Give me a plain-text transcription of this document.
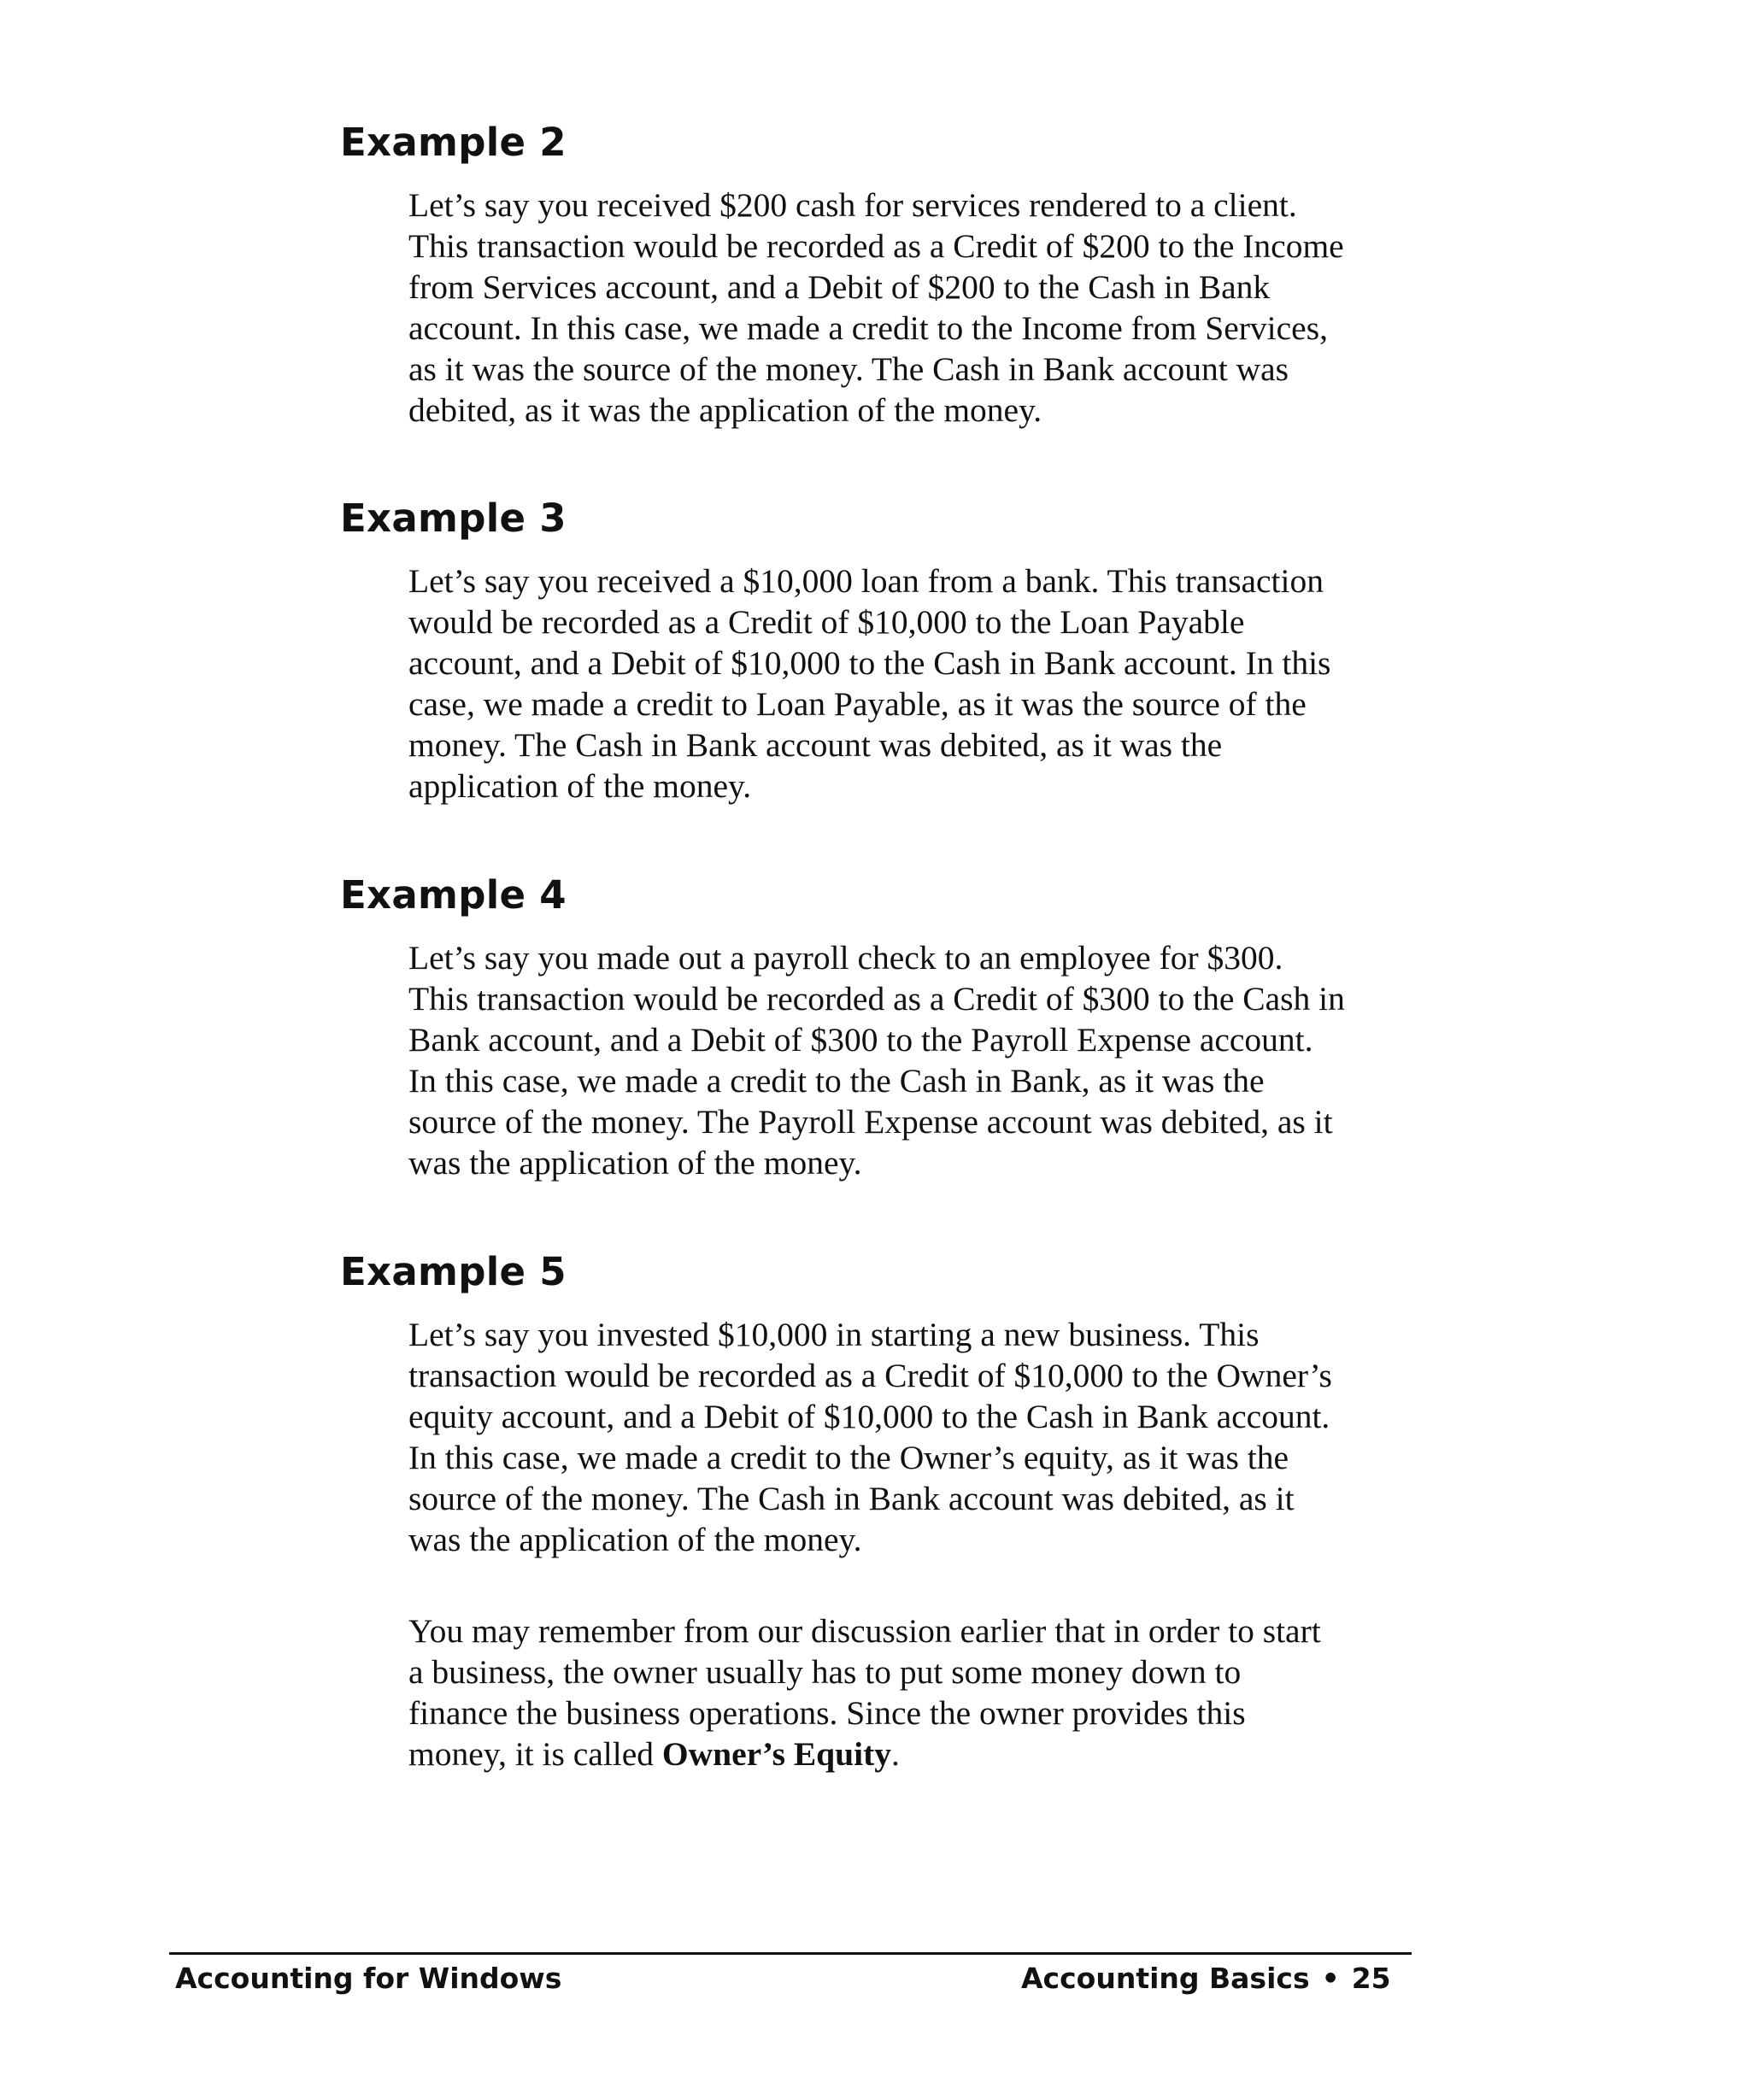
Example 2

Let’s say you received $200 cash for services rendered to a client.
This transaction would be recorded as a Credit of $200 to the Income
from Services account, and a Debit of $200 to the Cash in Bank
account. In this case, we made a credit to the Income from Services,
as it was the source of the money. The Cash in Bank account was
debited, as it was the application of the money.

Example 3

Let’s say you received a $10,000 loan from a bank. This transaction
would be recorded as a Credit of $10,000 to the Loan Payable
account, and a Debit of $10,000 to the Cash in Bank account. In this
case, we made a credit to Loan Payable, as it was the source of the
money. The Cash in Bank account was debited, as it was the
application of the money.

Example 4

Let’s say you made out a payroll check to an employee for $300.
This transaction would be recorded as a Credit of $300 to the Cash in
Bank account, and a Debit of $300 to the Payroll Expense account.
In this case, we made a credit to the Cash in Bank, as it was the
source of the money. The Payroll Expense account was debited, as it
was the application of the money.

Example 5

Let’s say you invested $10,000 in starting a new business. This
transaction would be recorded as a Credit of $10,000 to the Owner’s
equity account, and a Debit of $10,000 to the Cash in Bank account.
In this case, we made a credit to the Owner’s equity, as it was the
source of the money. The Cash in Bank account was debited, as it
was the application of the money.

You may remember from our discussion earlier that in order to start
a business, the owner usually has to put some money down to
finance the business operations. Since the owner provides this
money, it is called Owner’s Equity.

Accounting for Windows	Accounting Basics • 25
